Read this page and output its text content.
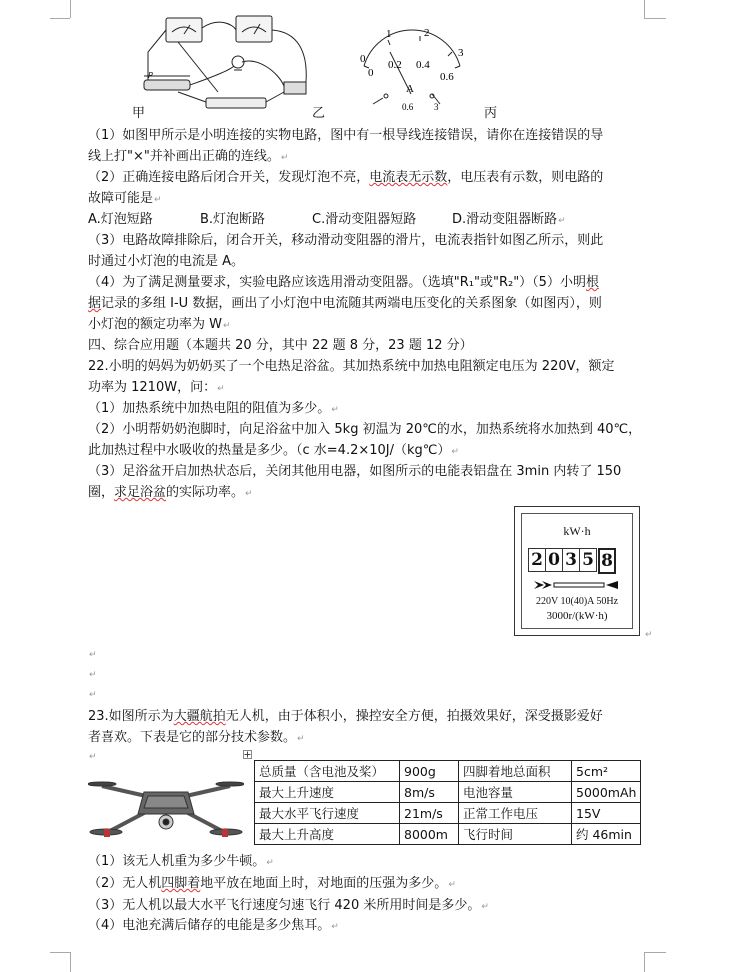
P
0
1	2
3
0
0.2 0.4
0.6
A
0.6 3
甲	乙	丙
（1）如图甲所示是小明连接的实物电路，图中有一根导线连接错误，请你在连接错误的导
线上打"×"并补画出正确的连线。↵
（2）正确连接电路后闭合开关，发现灯泡不亮，电流表无示数，电压表有示数，则电路的
故障可能是↵
A.灯泡短路	B.灯泡断路	C.滑动变阻器短路	D.滑动变阻器断路↵
（3）电路故障排除后，闭合开关，移动滑动变阻器的滑片，电流表指针如图乙所示，则此
时通过小灯泡的电流是 A。
（4）为了满足测量要求，实验电路应该选用滑动变阻器。（选填"R₁"或"R₂"）（5）小明根
据记录的多组 I-U 数据，画出了小灯泡中电流随其两端电压变化的关系图象（如图丙），则
小灯泡的额定功率为 W↵
四、综合应用题（本题共 20 分，其中 22 题 8 分，23 题 12 分）
22.小明的妈妈为奶奶买了一个电热足浴盆。其加热系统中加热电阻额定电压为 220V，额定
功率为 1210W，问：↵
（1）加热系统中加热电阻的阻值为多少。↵
（2）小明帮奶奶泡脚时，向足浴盆中加入 5kg 初温为 20℃的水，加热系统将水加热到 40℃，
此加热过程中水吸收的热量是多少。（c 水=4.2×10J/（kg℃）↵
（3）足浴盆开启加热状态后，关闭其他用电器，如图所示的电能表铝盘在 3min 内转了 150
圈，求足浴盆的实际功率。↵
kW·h
2 0 3 5 8
220V 10(40)A 50Hz
3000r/(kW·h)
↵
↵
↵
↵
23.如图所示为大疆航拍无人机，由于体积小，操控安全方便，拍摄效果好，深受摄影爱好
者喜欢。下表是它的部分技术参数。↵
↵
总质量（含电池及桨）	900g	四脚着地总面积	5cm²
最大上升速度	8m/s	电池容量	5000mAh
最大水平飞行速度	21m/s	正常工作电压	15V
最大上升高度	8000m	飞行时间	约 46min
（1）该无人机重为多少牛顿。↵
（2）无人机四脚着地平放在地面上时，对地面的压强为多少。↵
（3）无人机以最大水平飞行速度匀速飞行 420 米所用时间是多少。↵
（4）电池充满后储存的电能是多少焦耳。↵
